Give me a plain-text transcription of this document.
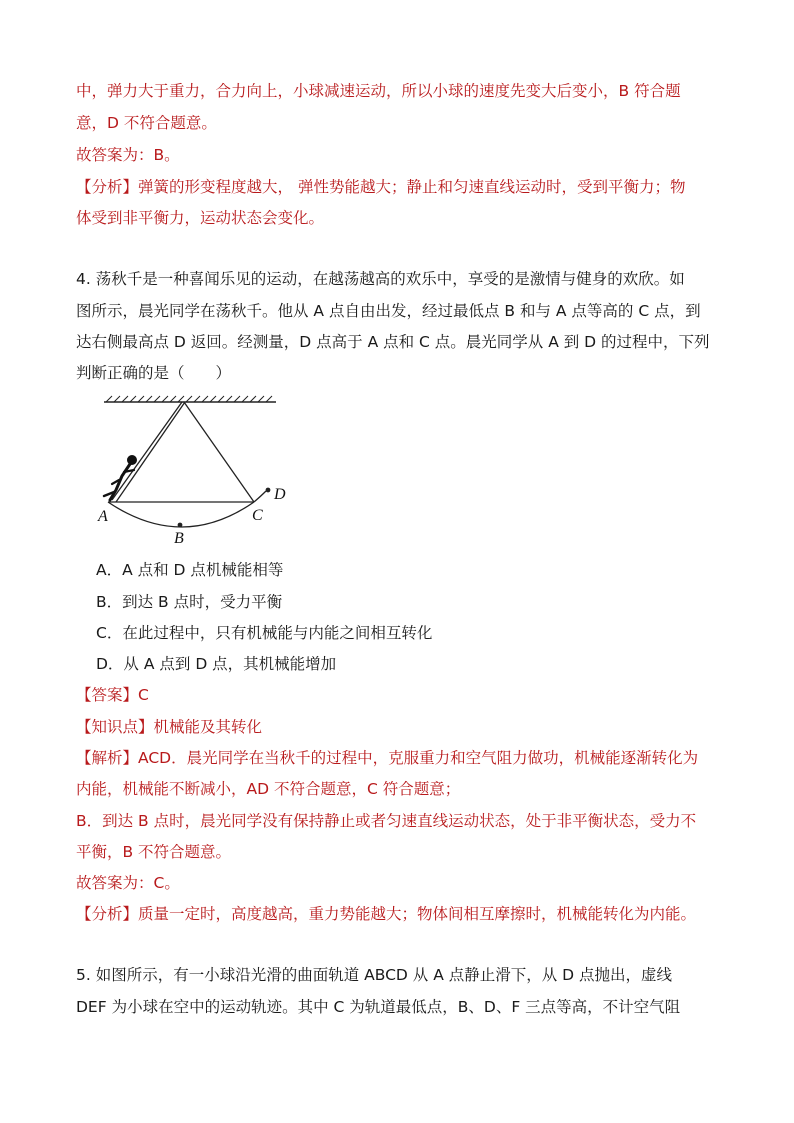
中，弹力大于重力，合力向上，小球减速运动，所以小球的速度先变大后变小，B 符合题
意，D 不符合题意。
故答案为：B。
【分析】弹簧的形变程度越大， 弹性势能越大；静止和匀速直线运动时，受到平衡力；物
体受到非平衡力，运动状态会变化。
4. 荡秋千是一种喜闻乐见的运动，在越荡越高的欢乐中，享受的是激情与健身的欢欣。如
图所示，晨光同学在荡秋千。他从 A 点自由出发，经过最低点 B 和与 A 点等高的 C 点，到
达右侧最高点 D 返回。经测量，D 点高于 A 点和 C 点。晨光同学从 A 到 D 的过程中，下列
判断正确的是（　　）
A
B
C
D
A．A 点和 D 点机械能相等
B．到达 B 点时，受力平衡
C．在此过程中，只有机械能与内能之间相互转化
D．从 A 点到 D 点，其机械能增加
【答案】C
【知识点】机械能及其转化
【解析】ACD．晨光同学在当秋千的过程中，克服重力和空气阻力做功，机械能逐渐转化为
内能，机械能不断减小，AD 不符合题意，C 符合题意；
B．到达 B 点时，晨光同学没有保持静止或者匀速直线运动状态，处于非平衡状态，受力不
平衡，B 不符合题意。
故答案为：C。
【分析】质量一定时，高度越高，重力势能越大；物体间相互摩擦时，机械能转化为内能。
5. 如图所示，有一小球沿光滑的曲面轨道 ABCD 从 A 点静止滑下，从 D 点抛出，虚线
DEF 为小球在空中的运动轨迹。其中 C 为轨道最低点，B、D、F 三点等高，不计空气阻
